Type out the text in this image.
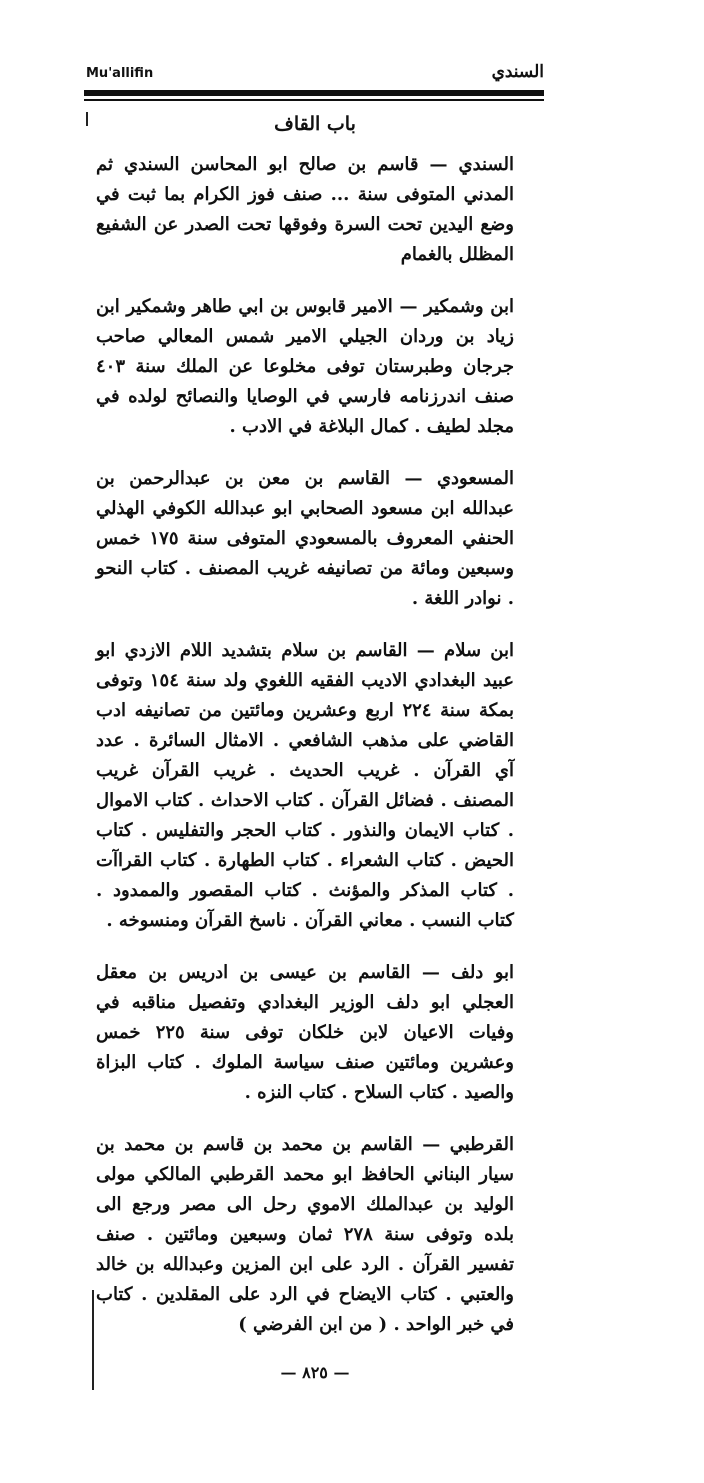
Mu'allifin	السندي
باب القاف

السندي — قاسم بن صالح ابو المحاسن السندي ثم المدني المتوفى سنة ... صنف فوز الكرام بما ثبت في وضع اليدين تحت السرة وفوقها تحت الصدر عن الشفيع المظلل بالغمام

ابن وشمكير — الامير قابوس بن ابي طاهر وشمكير ابن زياد بن وردان الجيلي الامير شمس المعالي صاحب جرجان وطبرستان توفى مخلوعا عن الملك سنة ٤٠٣ صنف اندرزنامه فارسي في الوصايا والنصائح لولده في مجلد لطيف . كمال البلاغة في الادب .

المسعودي — القاسم بن معن بن عبدالرحمن بن عبدالله ابن مسعود الصحابي ابو عبدالله الكوفي الهذلي الحنفي المعروف بالمسعودي المتوفى سنة ١٧٥ خمس وسبعين ومائة من تصانيفه غريب المصنف . كتاب النحو . نوادر اللغة .

ابن سلام — القاسم بن سلام بتشديد اللام الازدي ابو عبيد البغدادي الاديب الفقيه اللغوي ولد سنة ١٥٤ وتوفى بمكة سنة ٢٢٤ اربع وعشرين ومائتين من تصانيفه ادب القاضي على مذهب الشافعي . الامثال السائرة . عدد آي القرآن . غريب الحديث . غريب القرآن غريب المصنف . فضائل القرآن . كتاب الاحداث . كتاب الاموال . كتاب الايمان والنذور . كتاب الحجر والتفليس . كتاب الحيض . كتاب الشعراء . كتاب الطهارة . كتاب القراآت . كتاب المذكر والمؤنث . كتاب المقصور والممدود . كتاب النسب . معاني القرآن . ناسخ القرآن ومنسوخه .

ابو دلف — القاسم بن عيسى بن ادريس بن معقل العجلي ابو دلف الوزير البغدادي وتفصيل مناقبه في وفيات الاعيان لابن خلكان توفى سنة ٢٢٥ خمس وعشرين ومائتين صنف سياسة الملوك . كتاب البزاة والصيد . كتاب السلاح . كتاب النزه .

القرطبي — القاسم بن محمد بن قاسم بن محمد بن سيار البناني الحافظ ابو محمد القرطبي المالكي مولى الوليد بن عبدالملك الاموي رحل الى مصر ورجع الى بلده وتوفى سنة ٢٧٨ ثمان وسبعين ومائتين . صنف تفسير القرآن . الرد على ابن المزين وعبدالله بن خالد والعتبي . كتاب الايضاح في الرد على المقلدين . كتاب في خبر الواحد . ( من ابن الفرضي )

— ٨٢٥ —
